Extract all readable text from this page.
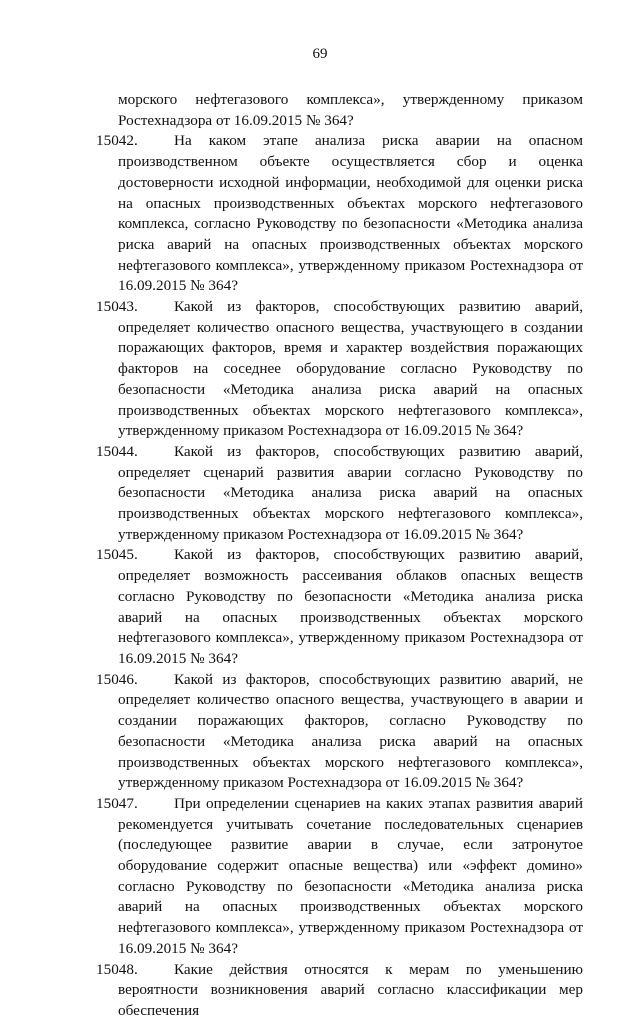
69

морского нефтегазового комплекса», утвержденному приказом Ростехнадзора от 16.09.2015 № 364?

15042.	На каком этапе анализа риска аварии на опасном производственном объекте осуществляется сбор и оценка достоверности исходной информации, необходимой для оценки риска на опасных производственных объектах морского нефтегазового комплекса, согласно Руководству по безопасности «Методика анализа риска аварий на опасных производственных объектах морского нефтегазового комплекса», утвержденному приказом Ростехнадзора от 16.09.2015 № 364?
15043.	Какой из факторов, способствующих развитию аварий, определяет количество опасного вещества, участвующего в создании поражающих факторов, время и характер воздействия поражающих факторов на соседнее оборудование согласно Руководству по безопасности «Методика анализа риска аварий на опасных производственных объектах морского нефтегазового комплекса», утвержденному приказом Ростехнадзора от 16.09.2015 № 364?
15044.	Какой из факторов, способствующих развитию аварий, определяет сценарий развития аварии согласно Руководству по безопасности «Методика анализа риска аварий на опасных производственных объектах морского нефтегазового комплекса», утвержденному приказом Ростехнадзора от 16.09.2015 № 364?
15045.	Какой из факторов, способствующих развитию аварий, определяет возможность рассеивания облаков опасных веществ согласно Руководству по безопасности «Методика анализа риска аварий на опасных производственных объектах морского нефтегазового комплекса», утвержденному приказом Ростехнадзора от 16.09.2015 № 364?
15046.	Какой из факторов, способствующих развитию аварий, не определяет количество опасного вещества, участвующего в аварии и создании поражающих факторов, согласно Руководству по безопасности «Методика анализа риска аварий на опасных производственных объектах морского нефтегазового комплекса», утвержденному приказом Ростехнадзора от 16.09.2015 № 364?
15047.	При определении сценариев на каких этапах развития аварий рекомендуется учитывать сочетание последовательных сценариев (последующее развитие аварии в случае, если затронутое оборудование содержит опасные вещества) или «эффект домино» согласно Руководству по безопасности «Методика анализа риска аварий на опасных производственных объектах морского нефтегазового комплекса», утвержденному приказом Ростехнадзора от 16.09.2015 № 364?
15048.	Какие действия относятся к мерам по уменьшению вероятности возникновения аварий согласно классификации мер обеспечения
